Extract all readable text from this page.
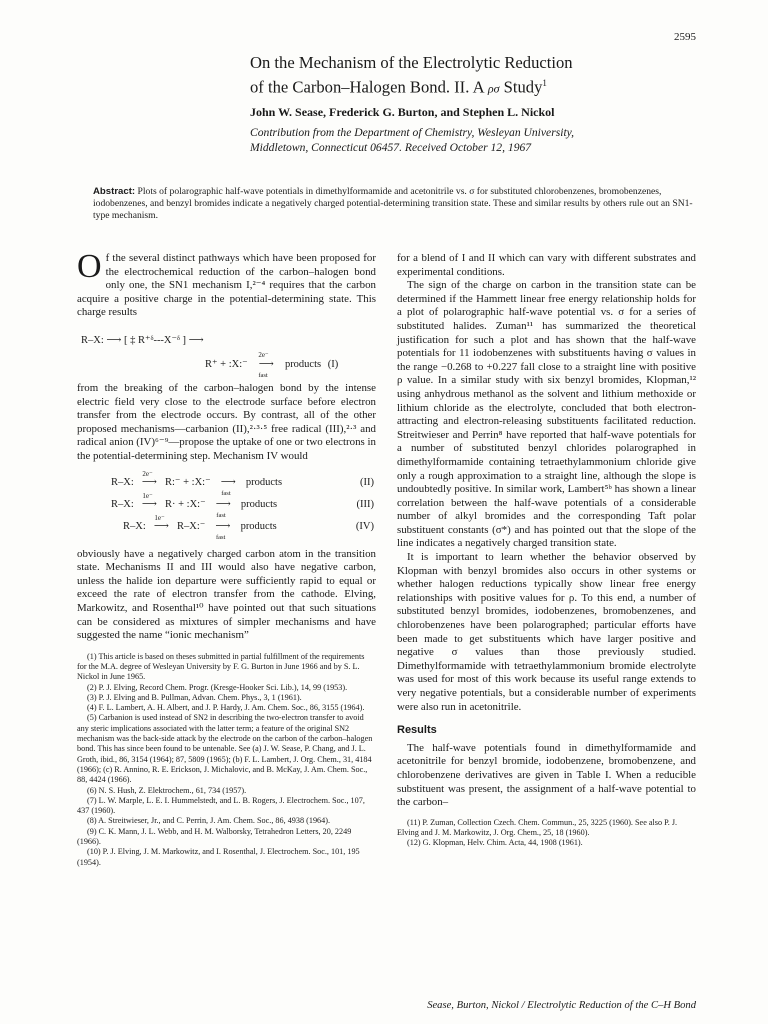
2595
On the Mechanism of the Electrolytic Reduction
of the Carbon–Halogen Bond. II. A ρσ Study$^1$
John W. Sease, Frederick G. Burton, and Stephen L. Nickol
Contribution from the Department of Chemistry, Wesleyan University,
Middletown, Connecticut 06457. Received October 12, 1967
Abstract: Plots of polarographic half-wave potentials in dimethylformamide and acetonitrile vs. σ for substituted chlorobenzenes, bromobenzenes, iodobenzenes, and benzyl bromides indicate a negatively charged potential-determining transition state. These and similar results by others rule out an SN1-type mechanism.
Of the several distinct pathways which have been proposed for the electrochemical reduction of the carbon–halogen bond only one, the SN1 mechanism I,²⁻⁴ requires that the carbon acquire a positive charge in the potential-determining state. This charge results
R–X: ⟶ [ ‡ R⁺ᵟ---X⁻ᵟ ] ⟶
R⁺ + :X:⁻
2e⁻
⟶
fast
products (I)
from the breaking of the carbon–halogen bond by the intense electric field very close to the electrode surface before electron transfer from the electrode occurs. By contrast, all of the other proposed mechanisms—carbanion (II),²·³·⁵ free radical (III),²·³ and radical anion (IV)⁶⁻⁹—propose the uptake of one or two electrons in the potential-determining step. Mechanism IV would
R–X:
2e⁻
⟶ R:⁻ + :X:⁻ ⟶
fast
products	(II)
R–X:
1e⁻
⟶ R· + :X:⁻ ⟶
fast
products	(III)
R–X:
1e⁻
⟶ R–X:⁻ ⟶
fast
products	(IV)
obviously have a negatively charged carbon atom in the transition state. Mechanisms II and III would also have negative carbon, unless the halide ion departure were sufficiently rapid to equal or exceed the rate of electron transfer from the cathode. Elving, Markowitz, and Rosenthal¹⁰ have pointed out that such situations can be considered as mixtures of simpler mechanisms and have suggested the name “ionic mechanism”

(1) This article is based on theses submitted in partial fulfillment of the requirements for the M.A. degree of Wesleyan University by F. G. Burton in June 1966 and by S. L. Nickol in June 1965.

(2) P. J. Elving, Record Chem. Progr. (Kresge-Hooker Sci. Lib.), 14, 99 (1953).

(3) P. J. Elving and B. Pullman, Advan. Chem. Phys., 3, 1 (1961).

(4) F. L. Lambert, A. H. Albert, and J. P. Hardy, J. Am. Chem. Soc., 86, 3155 (1964).

(5) Carbanion is used instead of SN2 in describing the two-electron transfer to avoid any steric implications associated with the latter term; a feature of the original SN2 mechanism was the back-side attack by the electrode on the carbon of the carbon–halogen bond. This has since been found to be untenable. See (a) J. W. Sease, P. Chang, and J. L. Groth, ibid., 86, 3154 (1964); 87, 5809 (1965); (b) F. L. Lambert, J. Org. Chem., 31, 4184 (1966); (c) R. Annino, R. E. Erickson, J. Michalovic, and B. McKay, J. Am. Chem. Soc., 88, 4424 (1966).

(6) N. S. Hush, Z. Elektrochem., 61, 734 (1957).

(7) L. W. Marple, L. E. I. Hummelstedt, and L. B. Rogers, J. Electrochem. Soc., 107, 437 (1960).

(8) A. Streitwieser, Jr., and C. Perrin, J. Am. Chem. Soc., 86, 4938 (1964).

(9) C. K. Mann, J. L. Webb, and H. M. Walborsky, Tetrahedron Letters, 20, 2249 (1966).

(10) P. J. Elving, J. M. Markowitz, and I. Rosenthal, J. Electrochem. Soc., 101, 195 (1954).

for a blend of I and II which can vary with different substrates and experimental conditions.

The sign of the charge on carbon in the transition state can be determined if the Hammett linear free energy relationship holds for a plot of polarographic half-wave potential vs. σ for a series of substituted halides. Zuman¹¹ has summarized the theoretical justification for such a plot and has shown that the half-wave potentials for 11 iodobenzenes with substituents having σ values in the range −0.268 to +0.227 fall close to a straight line with positive ρ value. In a similar study with six benzyl bromides, Klopman,¹² using anhydrous methanol as the solvent and lithium methoxide or lithium chloride as the electrolyte, concluded that both electron-attracting and electron-releasing substituents facilitated reduction. Streitwieser and Perrin⁸ have reported that half-wave potentials for a number of substituted benzyl chlorides polarographed in dimethylformamide containing tetraethylammonium chloride give only a rough approximation to a straight line, although the slope is undoubtedly positive. In similar work, Lambert⁵ᵇ has shown a linear correlation between the half-wave potentials of a considerable number of alkyl bromides and the corresponding Taft polar substituent constants (σ*) and has pointed out that the slope of the line indicates a negatively charged transition state.

It is important to learn whether the behavior observed by Klopman with benzyl bromides also occurs in other systems or whether halogen reductions typically show linear free energy relationships with positive values for ρ. To this end, a number of substituted benzyl bromides, iodobenzenes, bromobenzenes, and chlorobenzenes have been polarographed; particular efforts have been made to get substituents which have larger positive and negative σ values than those previously studied. Dimethylformamide with tetraethylammonium bromide electrolyte was used for most of this work because its useful range extends to very negative potentials, but a considerable number of experiments were also run in acetonitrile.

Results

The half-wave potentials found in dimethylformamide and acetonitrile for benzyl bromide, iodobenzene, bromobenzene, and chlorobenzene derivatives are given in Table I. When a reducible substituent was present, the assignment of a half-wave potential to the carbon–

(11) P. Zuman, Collection Czech. Chem. Commun., 25, 3225 (1960). See also P. J. Elving and J. M. Markowitz, J. Org. Chem., 25, 18 (1960).

(12) G. Klopman, Helv. Chim. Acta, 44, 1908 (1961).

Sease, Burton, Nickol / Electrolytic Reduction of the C–H Bond
